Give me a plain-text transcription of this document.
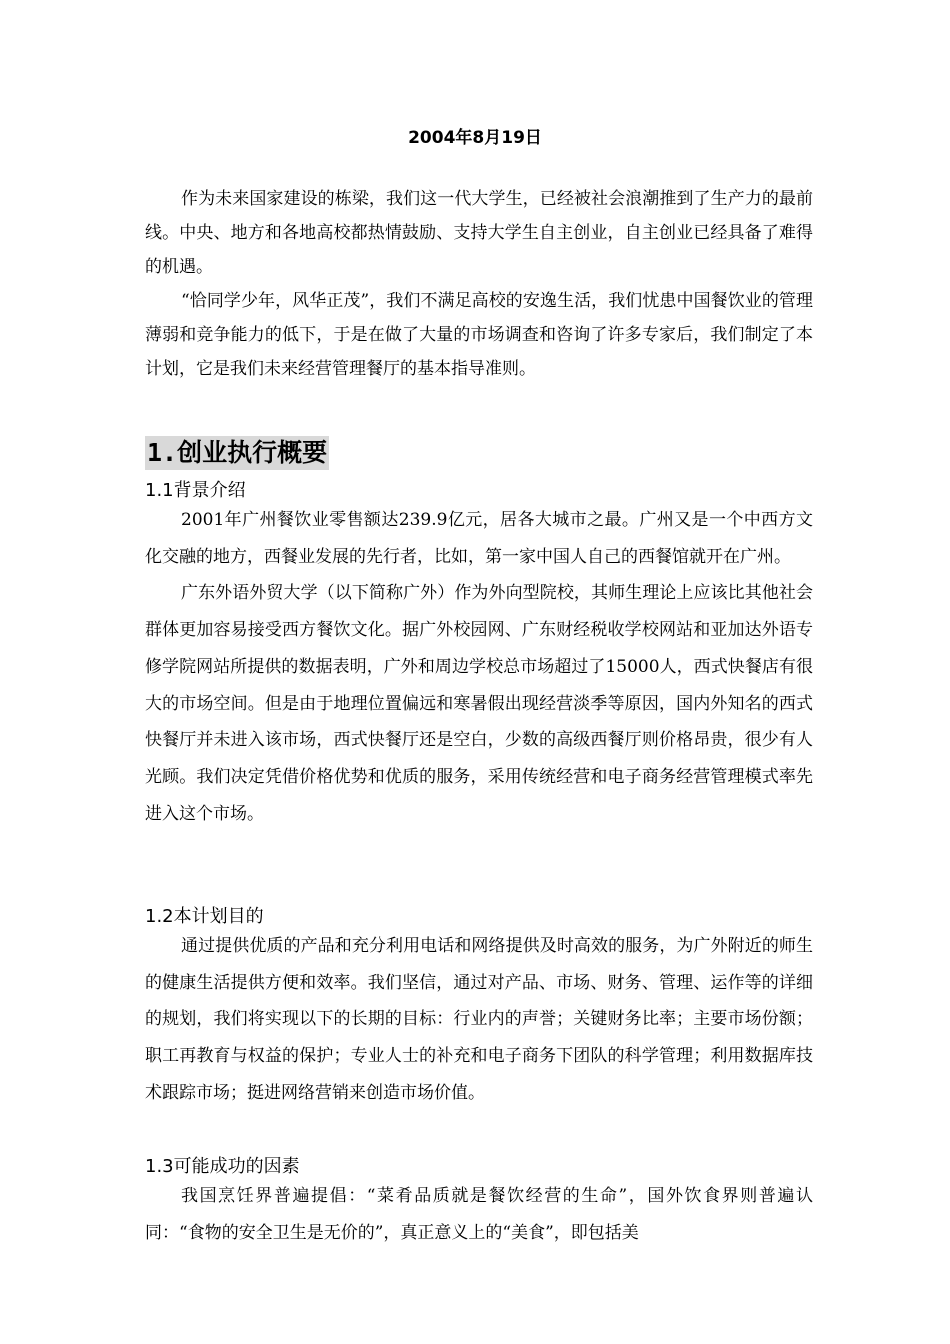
2004年8月19日

作为未来国家建设的栋梁，我们这一代大学生，已经被社会浪潮推到了生产力的最前线。中央、地方和各地高校都热情鼓励、支持大学生自主创业，自主创业已经具备了难得的机遇。

“恰同学少年，风华正茂”，我们不满足高校的安逸生活，我们忧患中国餐饮业的管理薄弱和竞争能力的低下，于是在做了大量的市场调查和咨询了许多专家后，我们制定了本计划，它是我们未来经营管理餐厅的基本指导准则。

1.创业执行概要
1.1背景介绍

2001年广州餐饮业零售额达239.9亿元，居各大城市之最。广州又是一个中西方文化交融的地方，西餐业发展的先行者，比如，第一家中国人自己的西餐馆就开在广州。

广东外语外贸大学（以下简称广外）作为外向型院校，其师生理论上应该比其他社会群体更加容易接受西方餐饮文化。据广外校园网、广东财经税收学校网站和亚加达外语专修学院网站所提供的数据表明，广外和周边学校总市场超过了15000人，西式快餐店有很大的市场空间。但是由于地理位置偏远和寒暑假出现经营淡季等原因，国内外知名的西式快餐厅并未进入该市场，西式快餐厅还是空白，少数的高级西餐厅则价格昂贵，很少有人光顾。我们决定凭借价格优势和优质的服务，采用传统经营和电子商务经营管理模式率先进入这个市场。

1.2本计划目的

通过提供优质的产品和充分利用电话和网络提供及时高效的服务，为广外附近的师生的健康生活提供方便和效率。我们坚信，通过对产品、市场、财务、管理、运作等的详细的规划，我们将实现以下的长期的目标：行业内的声誉；关键财务比率；主要市场份额；职工再教育与权益的保护；专业人士的补充和电子商务下团队的科学管理；利用数据库技术跟踪市场；挺进网络营销来创造市场价值。

1.3可能成功的因素

我国烹饪界普遍提倡：“菜肴品质就是餐饮经营的生命”，国外饮食界则普遍认同：“食物的安全卫生是无价的”，真正意义上的“美食”，即包括美
